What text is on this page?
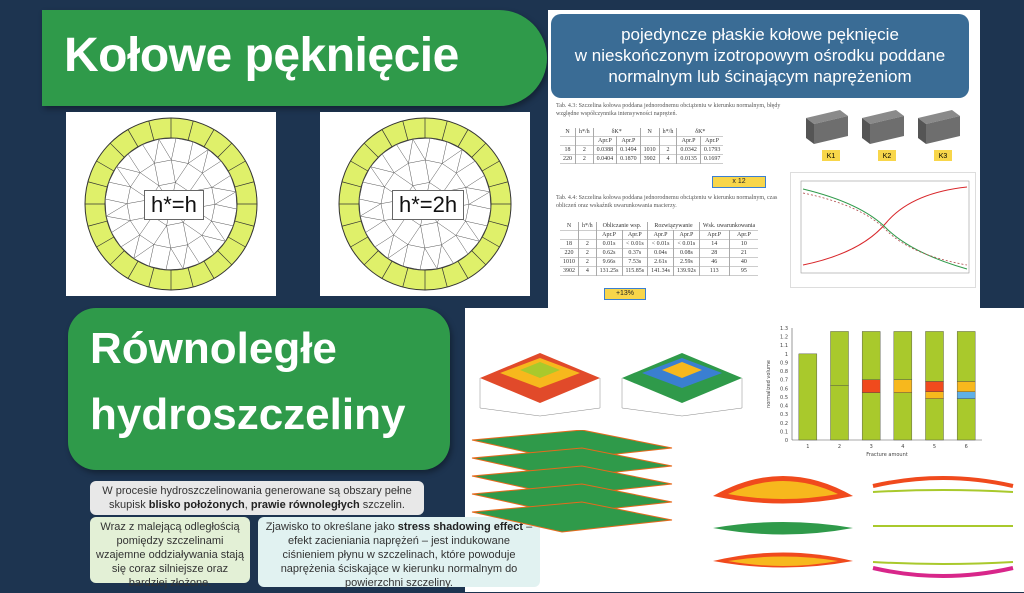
Kołowe pęknięcie
h*=h	h*=2h
pojedyncze płaskie kołowe pęknięcie
w nieskończonym izotropowym ośrodku poddane
normalnym lub ścinającym naprężeniom
Tab. 4.3: Szczelina kołowa poddana jednorodnemu obciążeniu w kierunku normalnym, błędy względne współczynnika intensywności naprężeń.
N	h*/h	δK*		N	h*/h	δK*	
		Apr.P	Apr.P			Apr.P	Apr.P
18	2	0.0388	0.1494	1010	2	0.0342	0.1793
220	2	0.0404	0.1870	3902	4	0.0135	0.1697
x 12
Tab. 4.4: Szczelina kołowa poddana jednorodnemu obciążeniu w kierunku normalnym, czas obliczeń oraz wskaźnik uwarunkowania macierzy.
N	h*/h	Obliczanie wsp.		Rozwiązywanie		Wsk. uwarunkowania	
		Apr.P	Apr.P	Apr.P	Apr.P	Apr.P	Apr.P
18	2	0.01s	< 0.01s	< 0.01s	< 0.01s	14	10
220	2	0.62s	0.37s	0.04s	0.08s	28	21
1010	2	9.66s	7.53s	2.61s	2.59s	46	40
3902	4	131.25s	115.85s	141.34s	139.92s	113	95
+13%
K1	K2	K3
Równoległe
hydroszczeliny
W procesie hydroszczelinowania generowane są obszary pełne skupisk blisko położonych, prawie równoległych szczelin.
Wraz z malejącą odległością pomiędzy szczelinami wzajemne oddziaływania stają się coraz silniejsze oraz bardziej złożone.
Zjawisko to określane jako stress shadowing effect – efekt zacieniania naprężeń – jest indukowane ciśnieniem płynu w szczelinach, które powoduje naprężenia ściskające w kierunku normalnym do powierzchni szczeliny.
0
0.1
0.2
0.3
0.4
0.5
0.6
0.7
0.8
0.9
1
1.1
1.2
1.3
1	2	3	4	5	6
Fracture amount
normalized volume
